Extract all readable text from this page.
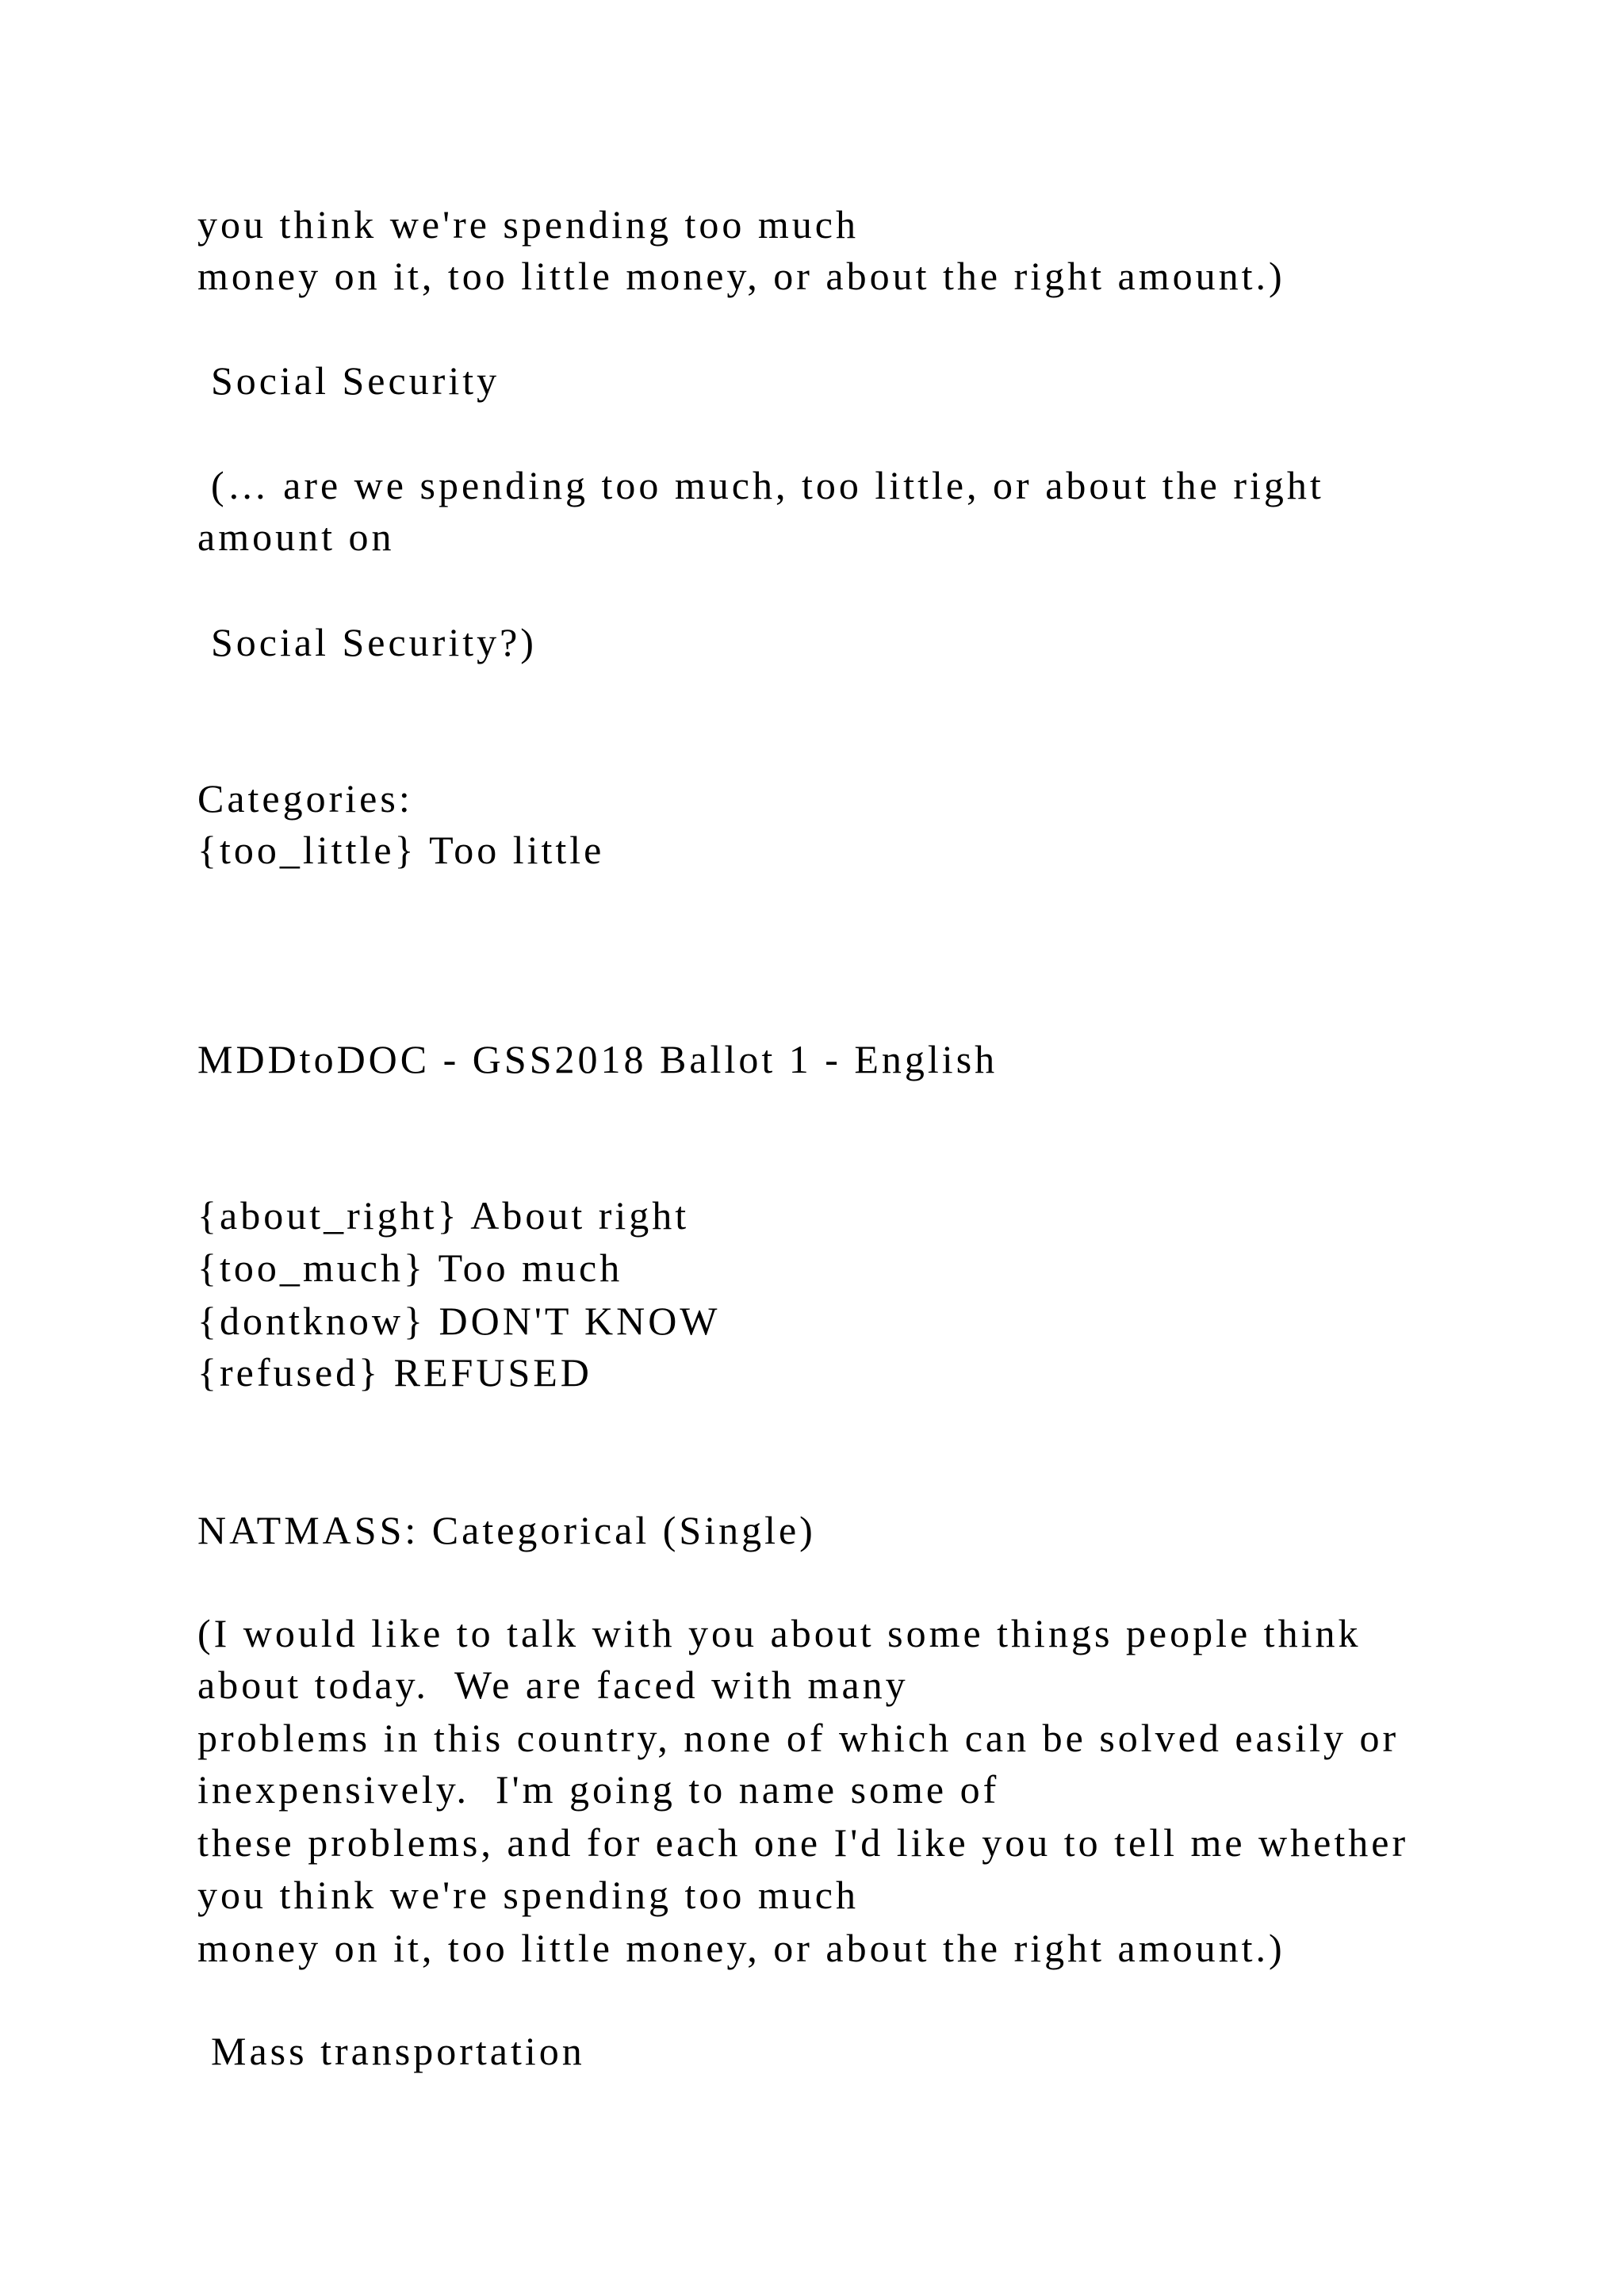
you think we're spending too much
money on it, too little money, or about the right amount.)
Social Security
(… are we spending too much, too little, or about the right
amount on
Social Security?)
Categories:
{too_little} Too little
MDDtoDOC - GSS2018 Ballot 1 - English
{about_right} About right
{too_much} Too much
{dontknow} DON'T KNOW
{refused} REFUSED
NATMASS: Categorical (Single)
(I would like to talk with you about some things people think
about today.  We are faced with many
problems in this country, none of which can be solved easily or
inexpensively.  I'm going to name some of
these problems, and for each one I'd like you to tell me whether
you think we're spending too much
money on it, too little money, or about the right amount.)
Mass transportation
